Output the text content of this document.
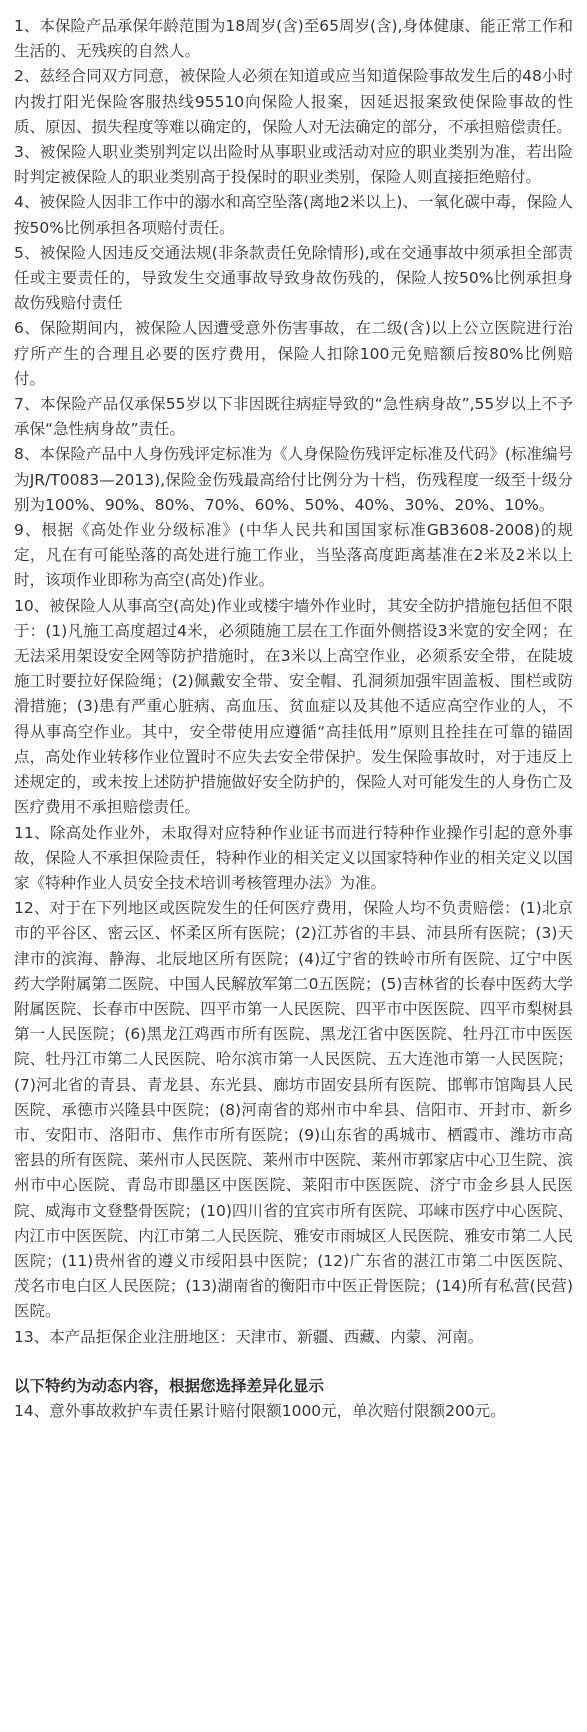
1、本保险产品承保年龄范围为18周岁(含)至65周岁(含),身体健康、能正常工作和生活的、无残疾的自然人。

2、兹经合同双方同意，被保险人必须在知道或应当知道保险事故发生后的48小时内拨打阳光保险客服热线95510向保险人报案，因延迟报案致使保险事故的性质、原因、损失程度等难以确定的，保险人对无法确定的部分，不承担赔偿责任。

3、被保险人职业类别判定以出险时从事职业或活动对应的职业类别为准，若出险时判定被保险人的职业类别高于投保时的职业类别，保险人则直接拒绝赔付。

4、被保险人因非工作中的溺水和高空坠落(离地2米以上)、一氧化碳中毒，保险人按50%比例承担各项赔付责任。

5、被保险人因违反交通法规(非条款责任免除情形),或在交通事故中须承担全部责任或主要责任的，导致发生交通事故导致身故伤残的，保险人按50%比例承担身故伤残赔付责任

6、保险期间内，被保险人因遭受意外伤害事故，在二级(含)以上公立医院进行治疗所产生的合理且必要的医疗费用，保险人扣除100元免赔额后按80%比例赔付。

7、本保险产品仅承保55岁以下非因既往病症导致的“急性病身故”,55岁以上不予承保“急性病身故”责任。

8、本保险产品中人身伤残评定标准为《人身保险伤残评定标准及代码》(标准编号为JR/T0083—2013),保险金伤残最高给付比例分为十档，伤残程度一级至十级分别为100%、90%、80%、70%、60%、50%、40%、30%、20%、10%。

9、根据《高处作业分级标准》(中华人民共和国国家标准GB3608-2008)的规定，凡在有可能坠落的高处进行施工作业，当坠落高度距离基准在2米及2米以上时，该项作业即称为高空(高处)作业。

10、被保险人从事高空(高处)作业或楼宇墙外作业时，其安全防护措施包括但不限于：(1)凡施工高度超过4米，必须随施工层在工作面外侧搭设3米宽的安全网；在无法采用架设安全网等防护措施时，在3米以上高空作业，必须系安全带，在陡坡施工时要拉好保险绳；(2)佩戴安全带、安全帽、孔洞须加强牢固盖板、围栏或防滑措施；(3)患有严重心脏病、高血压、贫血症以及其他不适应高空作业的人，不得从事高空作业。其中，安全带使用应遵循“高挂低用”原则且拴挂在可靠的锚固点，高处作业转移作业位置时不应失去安全带保护。发生保险事故时，对于违反上述规定的，或未按上述防护措施做好安全防护的，保险人对可能发生的人身伤亡及医疗费用不承担赔偿责任。

11、除高处作业外，未取得对应特种作业证书而进行特种作业操作引起的意外事故，保险人不承担保险责任，特种作业的相关定义以国家特种作业的相关定义以国家《特种作业人员安全技术培训考核管理办法》为准。

12、对于在下列地区或医院发生的任何医疗费用，保险人均不负责赔偿：(1)北京市的平谷区、密云区、怀柔区所有医院；(2)江苏省的丰县、沛县所有医院；(3)天津市的滨海、静海、北辰地区所有医院；(4)辽宁省的铁岭市所有医院、辽宁中医药大学附属第二医院、中国人民解放军第二0五医院；(5)吉林省的长春中医药大学附属医院、长春市中医院、四平市第一人民医院、四平市中医医院、四平市梨树县第一人民医院；(6)黑龙江鸡西市所有医院、黑龙江省中医医院、牡丹江市中医医院、牡丹江市第二人民医院、哈尔滨市第一人民医院、五大连池市第一人民医院；(7)河北省的青县、青龙县、东光县、廊坊市固安县所有医院、邯郸市馆陶县人民医院、承德市兴隆县中医院；(8)河南省的郑州市中牟县、信阳市、开封市、新乡市、安阳市、洛阳市、焦作市所有医院；(9)山东省的禹城市、栖霞市、潍坊市高密县的所有医院、莱州市人民医院、莱州市中医院、莱州市郭家店中心卫生院、滨州市中心医院、青岛市即墨区中医医院、莱阳市中医医院、济宁市金乡县人民医院、威海市文登整骨医院；(10)四川省的宜宾市所有医院、邛崃市医疗中心医院、内江市中医医院、内江市第二人民医院、雅安市雨城区人民医院、雅安市第二人民医院；(11)贵州省的遵义市绥阳县中医院；(12)广东省的湛江市第二中医医院、茂名市电白区人民医院；(13)湖南省的衡阳市中医正骨医院；(14)所有私营(民营)医院。

13、本产品拒保企业注册地区：天津市、新疆、西藏、内蒙、河南。

以下特约为动态内容，根据您选择差异化显示

14、意外事故救护车责任累计赔付限额1000元，单次赔付限额200元。
